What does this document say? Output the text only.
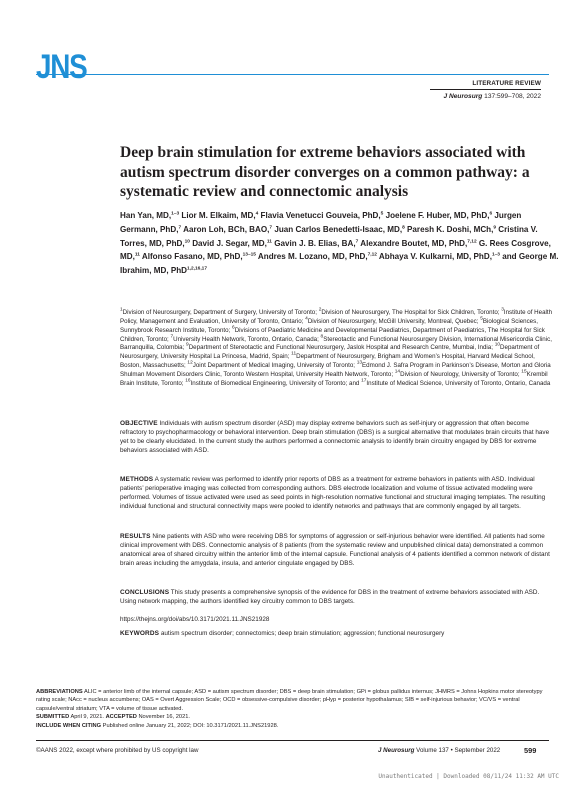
JNS	LITERATURE REVIEW
J Neurosurg 137:599–708, 2022
Deep brain stimulation for extreme behaviors associated with autism spectrum disorder converges on a common pathway: a systematic review and connectomic analysis
Han Yan, MD,$^{1-3}$ Lior M. Elkaim, MD,$^4$ Flavia Venetucci Gouveia, PhD,$^5$ Joelene F. Huber, MD, PhD,$^6$ Jurgen Germann, PhD,$^7$ Aaron Loh, BCh, BAO,$^7$ Juan Carlos Benedetti-Isaac, MD,$^8$ Paresh K. Doshi, MCh,$^9$ Cristina V. Torres, MD, PhD,$^{10}$ David J. Segar, MD,$^{11}$ Gavin J. B. Elias, BA,$^7$ Alexandre Boutet, MD, PhD,$^{7,12}$ G. Rees Cosgrove, MD,$^{11}$ Alfonso Fasano, MD, PhD,$^{13-15}$ Andres M. Lozano, MD, PhD,$^{7,12}$ Abhaya V. Kulkarni, MD, PhD,$^{1-3}$ and George M. Ibrahim, MD, PhD$^{1,2,16,17}$
$^1$Division of Neurosurgery, Department of Surgery, University of Toronto; $^2$Division of Neurosurgery, The Hospital for Sick Children, Toronto; $^3$Institute of Health Policy, Management and Evaluation, University of Toronto, Ontario; $^4$Division of Neurosurgery, McGill University, Montreal, Quebec; $^5$Biological Sciences, Sunnybrook Research Institute, Toronto; $^6$Divisions of Paediatric Medicine and Developmental Paediatrics, Department of Paediatrics, The Hospital for Sick Children, Toronto; $^7$University Health Network, Toronto, Ontario, Canada; $^8$Stereotactic and Functional Neurosurgery Division, International Misericordia Clinic, Barranquilla, Colombia; $^9$Department of Stereotactic and Functional Neurosurgery, Jaslok Hospital and Research Centre, Mumbai, India; $^{10}$Department of Neurosurgery, University Hospital La Princesa, Madrid, Spain; $^{11}$Department of Neurosurgery, Brigham and Women’s Hospital, Harvard Medical School, Boston, Massachusetts; $^{12}$Joint Department of Medical Imaging, University of Toronto; $^{13}$Edmond J. Safra Program in Parkinson’s Disease, Morton and Gloria Shulman Movement Disorders Clinic, Toronto Western Hospital, University Health Network, Toronto; $^{14}$Division of Neurology, University of Toronto; $^{15}$Krembil Brain Institute, Toronto; $^{16}$Institute of Biomedical Engineering, University of Toronto; and $^{17}$Institute of Medical Science, University of Toronto, Ontario, Canada

OBJECTIVE Individuals with autism spectrum disorder (ASD) may display extreme behaviors such as self-injury or aggression that often become refractory to psychopharmacology or behavioral intervention. Deep brain stimulation (DBS) is a surgical alternative that modulates brain circuits that have yet to be clearly elucidated. In the current study the authors performed a connectomic analysis to identify brain circuitry engaged by DBS for extreme behaviors associated with ASD.

METHODS A systematic review was performed to identify prior reports of DBS as a treatment for extreme behaviors in patients with ASD. Individual patients’ perioperative imaging was collected from corresponding authors. DBS electrode localization and volume of tissue activated modeling were performed. Volumes of tissue activated were used as seed points in high-resolution normative functional and structural imaging templates. The resulting individual functional and structural connectivity maps were pooled to identify networks and pathways that are commonly engaged by all targets.

RESULTS Nine patients with ASD who were receiving DBS for symptoms of aggression or self-injurious behavior were identified. All patients had some clinical improvement with DBS. Connectomic analysis of 8 patients (from the systematic review and unpublished clinical data) demonstrated a common anatomical area of shared circuitry within the anterior limb of the internal capsule. Functional analysis of 4 patients identified a common network of distant brain areas including the amygdala, insula, and anterior cingulate engaged by DBS.

CONCLUSIONS This study presents a comprehensive synopsis of the evidence for DBS in the treatment of extreme behaviors associated with ASD. Using network mapping, the authors identified key circuitry common to DBS targets.

https://thejns.org/doi/abs/10.3171/2021.11.JNS21928

KEYWORDS autism spectrum disorder; connectomics; deep brain stimulation; aggression; functional neurosurgery

ABBREVIATIONS ALIC = anterior limb of the internal capsule; ASD = autism spectrum disorder; DBS = deep brain stimulation; GPi = globus pallidus internus; JHMRS = Johns Hopkins motor stereotypy rating scale; NAcc = nucleus accumbens; OAS = Overt Aggression Scale; OCD = obsessive-compulsive disorder; pHyp = posterior hypothalamus; SIB = self-injurious behavior; VC/VS = ventral capsule/ventral striatum; VTA = volume of tissue activated.
SUBMITTED April 9, 2021. ACCEPTED November 16, 2021.
INCLUDE WHEN CITING Published online January 21, 2022; DOI: 10.3171/2021.11.JNS21928.
©AANS 2022, except where prohibited by US copyright law	J Neurosurg Volume 137 • September 2022	599
Unauthenticated | Downloaded 08/11/24 11:32 AM UTC
